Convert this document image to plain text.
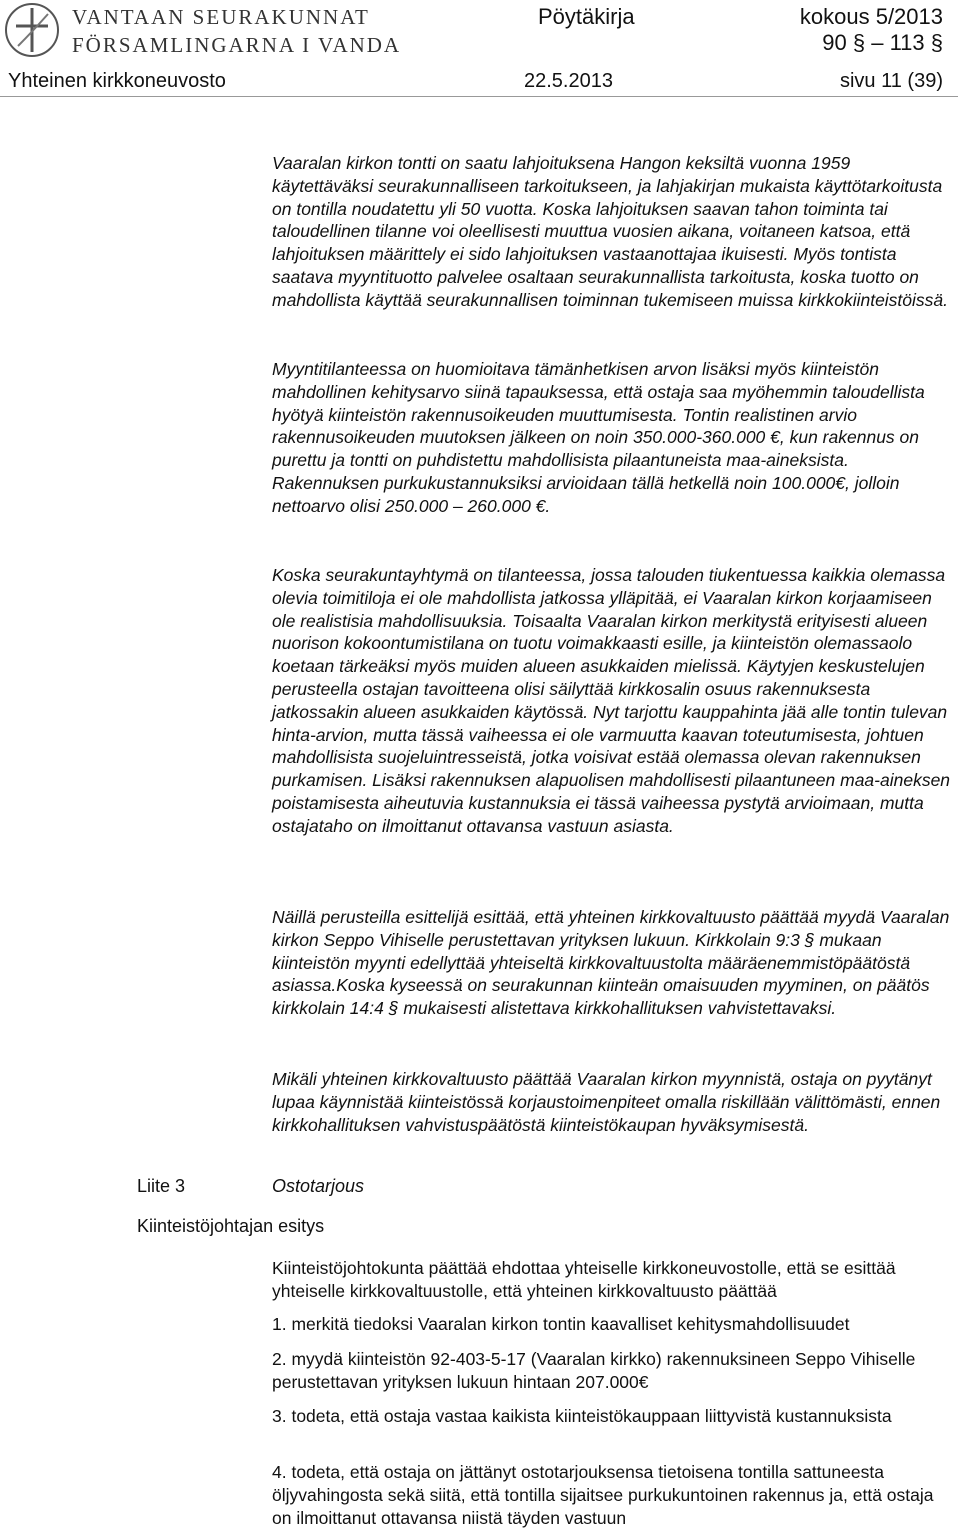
VANTAAN SEURAKUNNAT
FÖRSAMLINGARNA I VANDA
Pöytäkirja	kokous 5/2013
90 § – 113 §
Yhteinen kirkkoneuvosto	22.5.2013	sivu 11 (39)

Vaaralan kirkon tontti on saatu lahjoituksena Hangon keksiltä vuonna 1959 käytettäväksi seurakunnalliseen tarkoitukseen, ja lahjakirjan mukaista käyttötarkoitusta on tontilla noudatettu yli 50 vuotta. Koska lahjoituksen saavan tahon toiminta tai taloudellinen tilanne voi oleellisesti muuttua vuosien aikana, voitaneen katsoa, että lahjoituksen määrittely ei sido lahjoituksen vastaanottajaa ikuisesti. Myös tontista saatava myyntituotto palvelee osaltaan seurakunnallista tarkoitusta, koska tuotto on mahdollista käyttää seurakunnallisen toiminnan tukemiseen muissa kirkkokiinteistöissä.

Myyntitilanteessa on huomioitava tämänhetkisen arvon lisäksi myös kiinteistön mahdollinen kehitysarvo siinä tapauksessa, että ostaja saa myöhemmin taloudellista hyötyä kiinteistön rakennusoikeuden muuttumisesta. Tontin realistinen arvio rakennusoikeuden muutoksen jälkeen on noin 350.000-360.000 €, kun rakennus on purettu ja tontti on puhdistettu mahdollisista pilaantuneista maa-aineksista. Rakennuksen purkukustannuksiksi arvioidaan tällä hetkellä noin 100.000€, jolloin nettoarvo olisi 250.000 – 260.000 €.

Koska seurakuntayhtymä on tilanteessa, jossa talouden tiukentuessa kaikkia olemassa olevia toimitiloja ei ole mahdollista jatkossa ylläpitää, ei Vaaralan kirkon korjaamiseen ole realistisia mahdollisuuksia. Toisaalta Vaaralan kirkon merkitystä erityisesti alueen nuorison kokoontumistilana on tuotu voimakkaasti esille, ja kiinteistön olemassaolo koetaan tärkeäksi myös muiden alueen asukkaiden mielissä. Käytyjen keskustelujen perusteella ostajan tavoitteena olisi säilyttää kirkkosalin osuus rakennuksesta jatkossakin alueen asukkaiden käytössä. Nyt tarjottu kauppahinta jää alle tontin tulevan hinta-arvion, mutta tässä vaiheessa ei ole varmuutta kaavan toteutumisesta, johtuen mahdollisista suojeluintresseistä, jotka voisivat estää olemassa olevan rakennuksen purkamisen. Lisäksi rakennuksen alapuolisen mahdollisesti pilaantuneen maa-aineksen poistamisesta aiheutuvia kustannuksia ei tässä vaiheessa pystytä arvioimaan, mutta ostajataho on ilmoittanut ottavansa vastuun asiasta.

Näillä perusteilla esittelijä esittää, että yhteinen kirkkovaltuusto päättää myydä Vaaralan kirkon Seppo Vihiselle perustettavan yrityksen lukuun. Kirkkolain 9:3 § mukaan kiinteistön myynti edellyttää yhteiseltä kirkkovaltuustolta määräenemmistöpäätöstä asiassa.Koska kyseessä on seurakunnan kiinteän omaisuuden myyminen, on päätös kirkkolain 14:4 § mukaisesti alistettava kirkkohallituksen vahvistettavaksi.

Mikäli yhteinen kirkkovaltuusto päättää Vaaralan kirkon myynnistä, ostaja on pyytänyt lupaa käynnistää kiinteistössä korjaustoimenpiteet omalla riskillään välittömästi, ennen kirkkohallituksen vahvistuspäätöstä kiinteistökaupan hyväksymisestä.

Liite 3	Ostotarjous
Kiinteistöjohtajan esitys

Kiinteistöjohtokunta päättää ehdottaa yhteiselle kirkkoneuvostolle, että se esittää yhteiselle kirkkovaltuustolle, että yhteinen kirkkovaltuusto päättää

1. merkitä tiedoksi Vaaralan kirkon tontin kaavalliset kehitysmahdollisuudet

2. myydä kiinteistön 92-403-5-17 (Vaaralan kirkko) rakennuksineen Seppo Vihiselle perustettavan yrityksen lukuun hintaan 207.000€

3. todeta, että ostaja vastaa kaikista kiinteistökauppaan liittyvistä kustannuksista

4. todeta, että ostaja on jättänyt ostotarjouksensa tietoisena tontilla sattuneesta öljyvahingosta sekä siitä, että tontilla sijaitsee purkukuntoinen rakennus ja, että ostaja on ilmoittanut ottavansa niistä täyden vastuun
